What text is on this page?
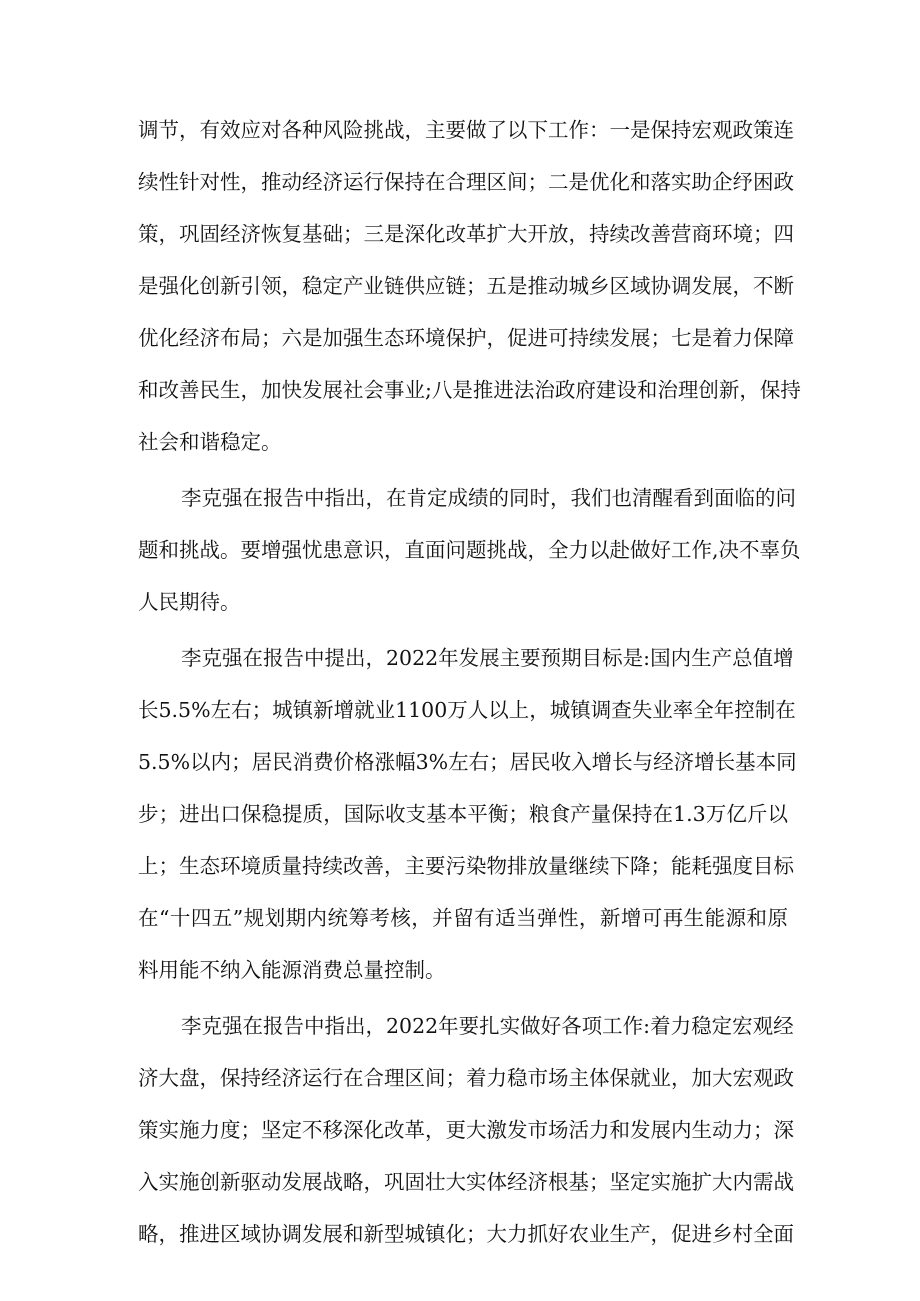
调节，有效应对各种风险挑战，主要做了以下工作：一是保持宏观政策连
续性针对性，推动经济运行保持在合理区间；二是优化和落实助企纾困政
策，巩固经济恢复基础；三是深化改革扩大开放，持续改善营商环境；四
是强化创新引领，稳定产业链供应链；五是推动城乡区域协调发展，不断
优化经济布局；六是加强生态环境保护，促进可持续发展；七是着力保障
和改善民生，加快发展社会事业;八是推进法治政府建设和治理创新，保持
社会和谐稳定。
李克强在报告中指出，在肯定成绩的同时，我们也清醒看到面临的问
题和挑战。要增强忧患意识，直面问题挑战，全力以赴做好工作,决不辜负
人民期待。
李克强在报告中提出，2022年发展主要预期目标是:国内生产总值增
长5.5%左右；城镇新增就业1100万人以上，城镇调查失业率全年控制在
5.5%以内；居民消费价格涨幅3%左右；居民收入增长与经济增长基本同
步；进出口保稳提质，国际收支基本平衡；粮食产量保持在1.3万亿斤以
上；生态环境质量持续改善，主要污染物排放量继续下降；能耗强度目标
在“十四五”规划期内统筹考核，并留有适当弹性，新增可再生能源和原
料用能不纳入能源消费总量控制。
李克强在报告中指出，2022年要扎实做好各项工作:着力稳定宏观经
济大盘，保持经济运行在合理区间；着力稳市场主体保就业，加大宏观政
策实施力度；坚定不移深化改革，更大激发市场活力和发展内生动力；深
入实施创新驱动发展战略，巩固壮大实体经济根基；坚定实施扩大内需战
略，推进区域协调发展和新型城镇化；大力抓好农业生产，促进乡村全面
